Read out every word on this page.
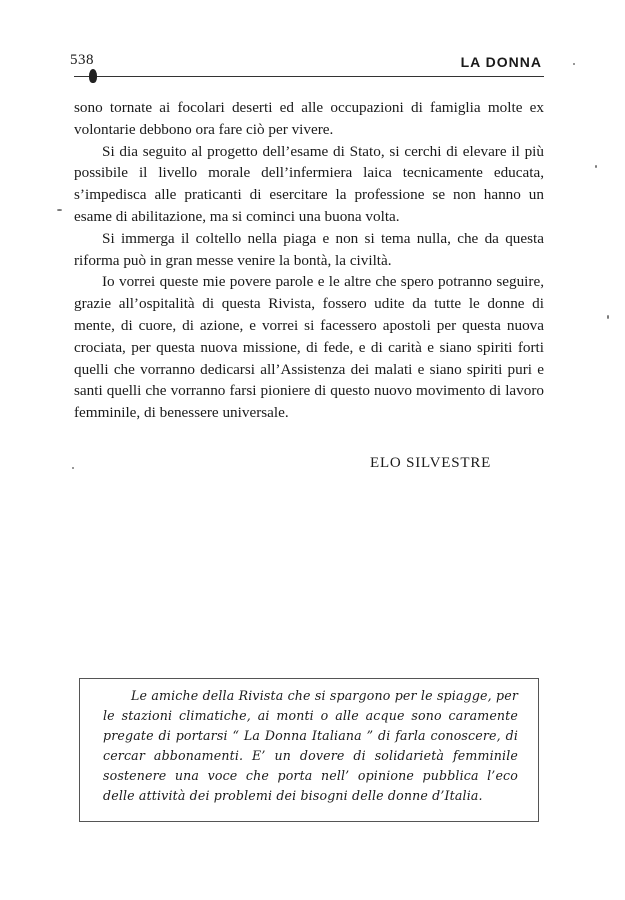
538	LA DONNA

sono tornate ai focolari deserti ed alle occupazioni di famiglia molte ex volontarie debbono ora fare ciò per vivere.

Si dia seguito al progetto dell’esame di Stato, si cerchi di elevare il più possibile il livello morale dell’infermiera laica tecnicamente educata, s’impedisca alle praticanti di esercitare la professione se non hanno un esame di abilitazione, ma si cominci una buona volta.

Si immerga il coltello nella piaga e non si tema nulla, che da questa riforma può in gran messe venire la bontà, la civiltà.

Io vorrei queste mie povere parole e le altre che spero potranno seguire, grazie all’ospitalità di questa Rivista, fossero udite da tutte le donne di mente, di cuore, di azione, e vorrei si facessero apostoli per questa nuova crociata, per questa nuova missione, di fede, e di carità e siano spiriti forti quelli che vorranno dedicarsi all’Assistenza dei malati e siano spiriti puri e santi quelli che vorranno farsi pioniere di questo nuovo movimento di lavoro femminile, di benessere universale.

ELO SILVESTRE
Le amiche della Rivista che si spargono per le spiagge, per le stazioni climatiche, ai monti o alle acque sono caramente pregate di portarsi “ La Donna Italiana ” di farla conoscere, di cercar abbonamenti. E’ un dovere di solidarietà femminile sostenere una voce che porta nell’ opinione pubblica l’eco delle attività dei problemi dei bisogni delle donne d’Italia.
